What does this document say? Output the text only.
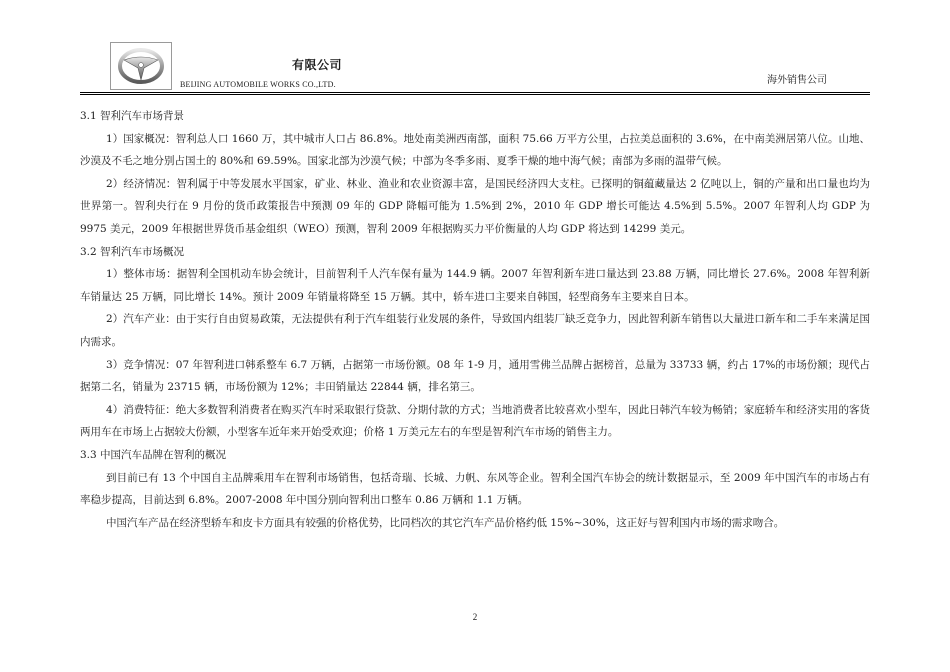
有限公司
BEIJING AUTOMOBILE WORKS CO.,LTD.	海外销售公司

3.1 智利汽车市场背景

1）国家概况：智利总人口 1660 万，其中城市人口占 86.8%。地处南美洲西南部，面积 75.66 万平方公里，占拉美总面积的 3.6%，在中南美洲居第八位。山地、沙漠及不毛之地分别占国土的 80%和 69.59%。国家北部为沙漠气候；中部为冬季多雨、夏季干燥的地中海气候；南部为多雨的温带气候。

2）经济情况：智利属于中等发展水平国家，矿业、林业、渔业和农业资源丰富，是国民经济四大支柱。已探明的铜蕴藏量达 2 亿吨以上，铜的产量和出口量也均为世界第一。智利央行在 9 月份的货币政策报告中预测 09 年的 GDP 降幅可能为 1.5%到 2%，2010 年 GDP 增长可能达 4.5%到 5.5%。2007 年智利人均 GDP 为 9975 美元，2009 年根据世界货币基金组织（WEO）预测，智利 2009 年根据购买力平价衡量的人均 GDP 将达到 14299 美元。

3.2 智利汽车市场概况

1）整体市场：据智利全国机动车协会统计，目前智利千人汽车保有量为 144.9 辆。2007 年智利新车进口量达到 23.88 万辆，同比增长 27.6%。2008 年智利新车销量达 25 万辆，同比增长 14%。预计 2009 年销量将降至 15 万辆。其中，轿车进口主要来自韩国，轻型商务车主要来自日本。

2）汽车产业：由于实行自由贸易政策，无法提供有利于汽车组装行业发展的条件，导致国内组装厂缺乏竞争力，因此智利新车销售以大量进口新车和二手车来满足国内需求。

3）竞争情况：07 年智利进口韩系整车 6.7 万辆，占据第一市场份额。08 年 1-9 月，通用雪佛兰品牌占据榜首，总量为 33733 辆，约占 17%的市场份额；现代占据第二名，销量为 23715 辆，市场份额为 12%；丰田销量达 22844 辆，排名第三。

4）消费特征：绝大多数智利消费者在购买汽车时采取银行贷款、分期付款的方式；当地消费者比较喜欢小型车，因此日韩汽车较为畅销；家庭轿车和经济实用的客货两用车在市场上占据较大份额，小型客车近年来开始受欢迎；价格 1 万美元左右的车型是智利汽车市场的销售主力。

3.3 中国汽车品牌在智利的概况

到目前已有 13 个中国自主品牌乘用车在智利市场销售，包括奇瑞、长城、力帆、东风等企业。智利全国汽车协会的统计数据显示，至 2009 年中国汽车的市场占有率稳步提高，目前达到 6.8%。2007-2008 年中国分别向智利出口整车 0.86 万辆和 1.1 万辆。

中国汽车产品在经济型轿车和皮卡方面具有较强的价格优势，比同档次的其它汽车产品价格约低 15%~30%，这正好与智利国内市场的需求吻合。

2
